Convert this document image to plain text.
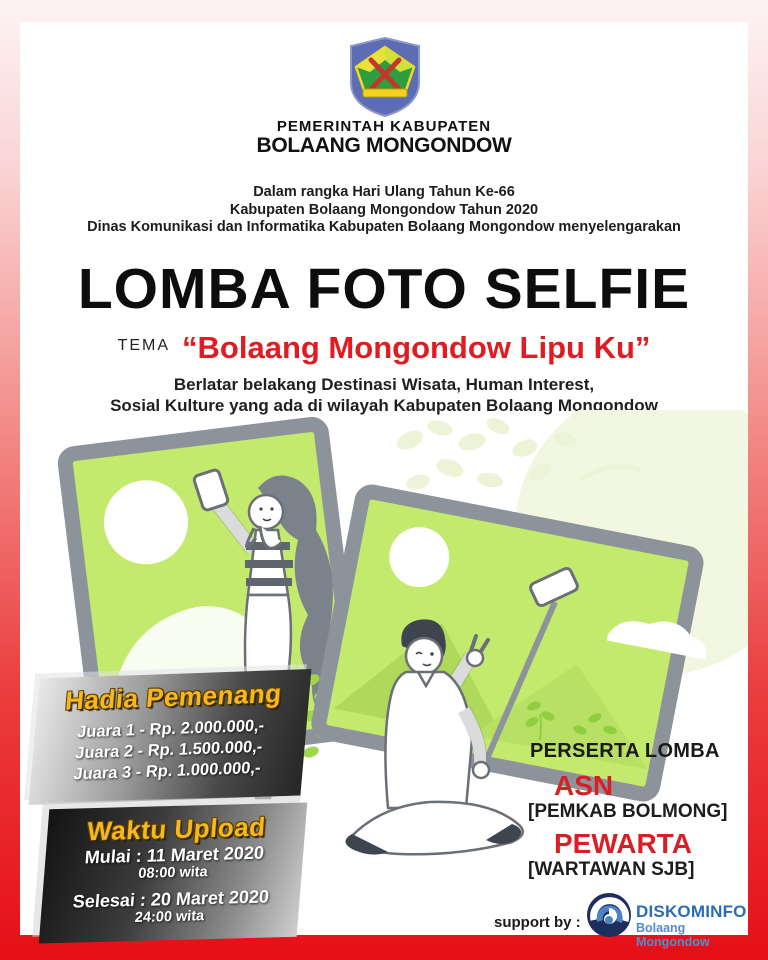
PEMERINTAH KABUPATEN
BOLAANG MONGONDOW
Dalam rangka Hari Ulang Tahun Ke-66
Kabupaten Bolaang Mongondow Tahun 2020
Dinas Komunikasi dan Informatika Kabupaten Bolaang Mongondow menyelengarakan
LOMBA FOTO SELFIE
TEMA “Bolaang Mongondow Lipu Ku”
Berlatar belakang Destinasi Wisata, Human Interest,
Sosial Kulture yang ada di wilayah Kabupaten Bolaang Mongondow
Hadia Pemenang
Juara 1 - Rp. 2.000.000,-
Juara 2 - Rp. 1.500.000,-
Juara 3 - Rp. 1.000.000,-
Waktu Upload
Mulai : 11 Maret 2020
08:00 wita
Selesai : 20 Maret 2020
24:00 wita
PERSERTA LOMBA
ASN
[PEMKAB BOLMONG]
PEWARTA
[WARTAWAN SJB]
support by :
DISKOMINFO
Bolaang Mongondow
